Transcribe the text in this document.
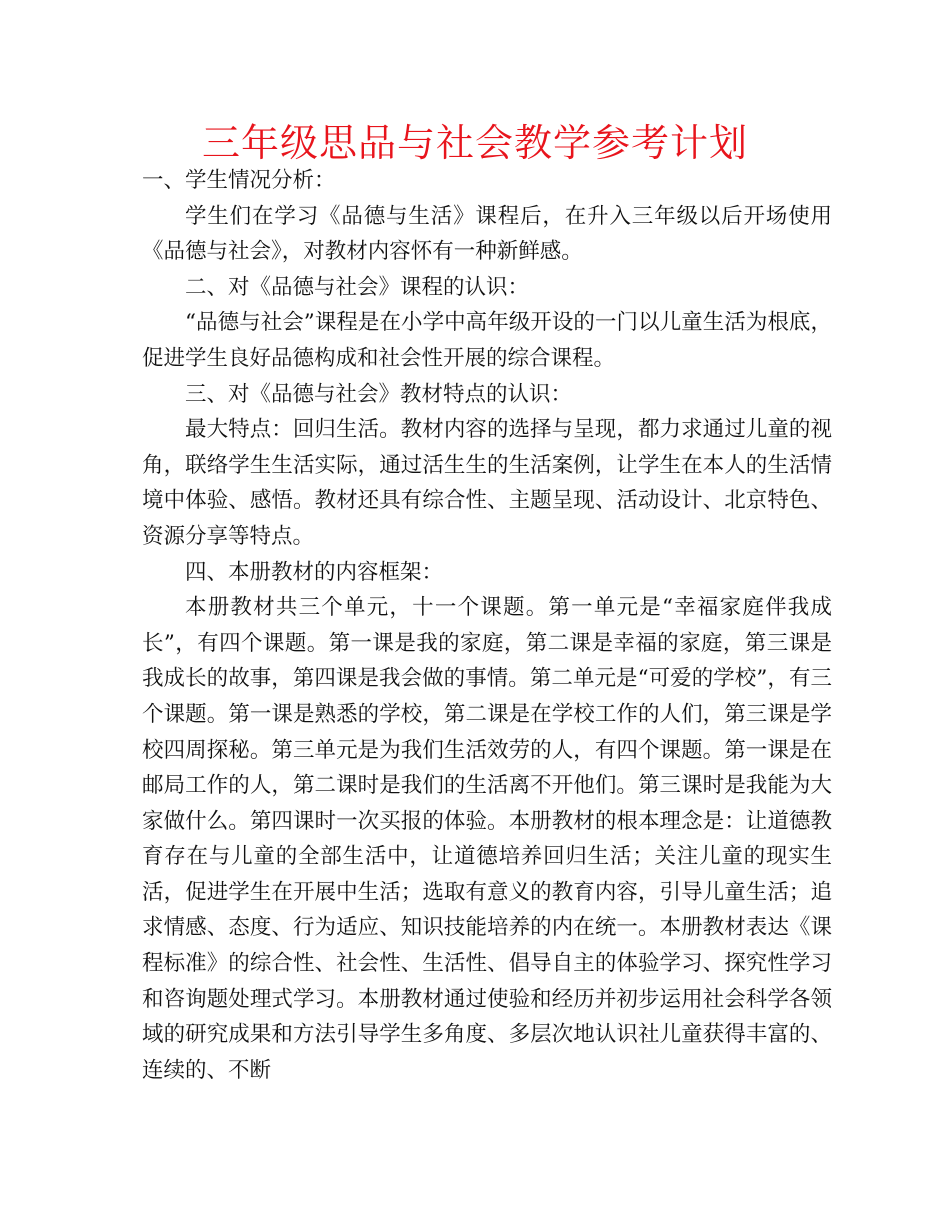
三年级思品与社会教学参考计划

一、学生情况分析：

学生们在学习《品德与生活》课程后，在升入三年级以后开场使用《品德与社会》，对教材内容怀有一种新鲜感。

二、对《品德与社会》课程的认识：

“品德与社会”课程是在小学中高年级开设的一门以儿童生活为根底，促进学生良好品德构成和社会性开展的综合课程。

三、对《品德与社会》教材特点的认识：

最大特点：回归生活。教材内容的选择与呈现，都力求通过儿童的视角，联络学生生活实际，通过活生生的生活案例，让学生在本人的生活情境中体验、感悟。教材还具有综合性、主题呈现、活动设计、北京特色、资源分享等特点。

四、本册教材的内容框架：

本册教材共三个单元，十一个课题。第一单元是“幸福家庭伴我成长”，有四个课题。第一课是我的家庭，第二课是幸福的家庭，第三课是我成长的故事，第四课是我会做的事情。第二单元是“可爱的学校”，有三个课题。第一课是熟悉的学校，第二课是在学校工作的人们，第三课是学校四周探秘。第三单元是为我们生活效劳的人，有四个课题。第一课是在邮局工作的人，第二课时是我们的生活离不开他们。第三课时是我能为大家做什么。第四课时一次买报的体验。本册教材的根本理念是：让道德教育存在与儿童的全部生活中，让道德培养回归生活；关注儿童的现实生活，促进学生在开展中生活；选取有意义的教育内容，引导儿童生活；追求情感、态度、行为适应、知识技能培养的内在统一。本册教材表达《课程标准》的综合性、社会性、生活性、倡导自主的体验学习、探究性学习和咨询题处理式学习。本册教材通过使验和经历并初步运用社会科学各领域的研究成果和方法引导学生多角度、多层次地认识社儿童获得丰富的、连续的、不断
